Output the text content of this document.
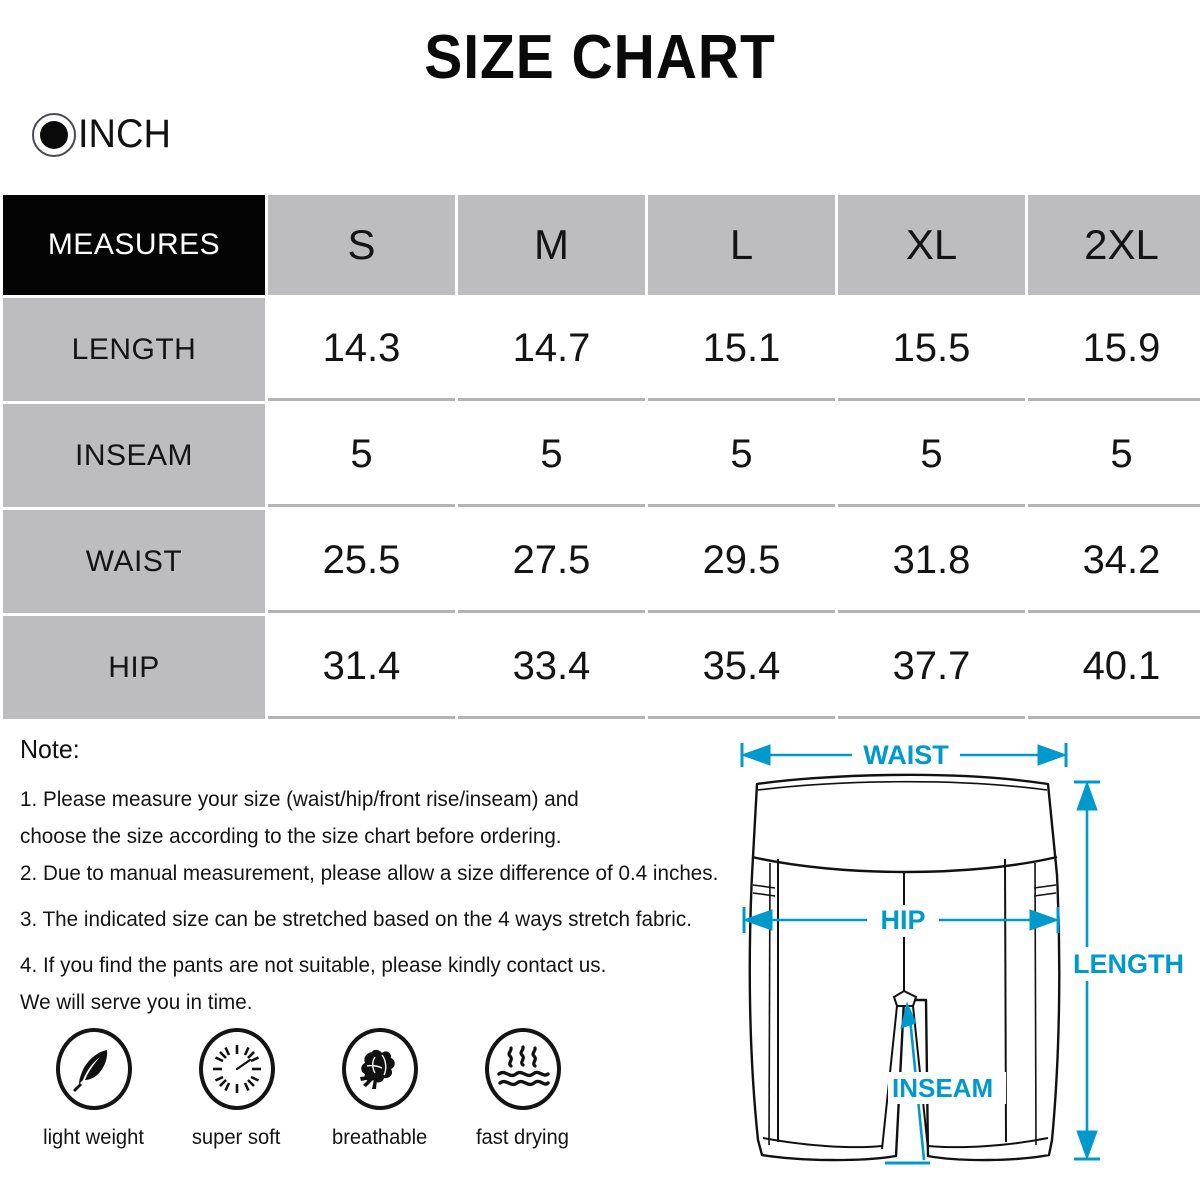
SIZE CHART
INCH
MEASURES	S	M	L	XL	2XL
LENGTH	14.3	14.7	15.1	15.5	15.9
INSEAM	5	5	5	5	5
WAIST	25.5	27.5	29.5	31.8	34.2
HIP	31.4	33.4	35.4	37.7	40.1
Note:
1. Please measure your size (waist/hip/front rise/inseam) and
choose the size according to the size chart before ordering.
2. Due to manual measurement, please allow a size difference of 0.4 inches.
3. The indicated size can be stretched based on the 4 ways stretch fabric.
4. If you find the pants are not suitable, please kindly contact us.
We will serve you in time.
light weight super soft breathable fast drying
WAIST
HIP
LENGTH
INSEAM
